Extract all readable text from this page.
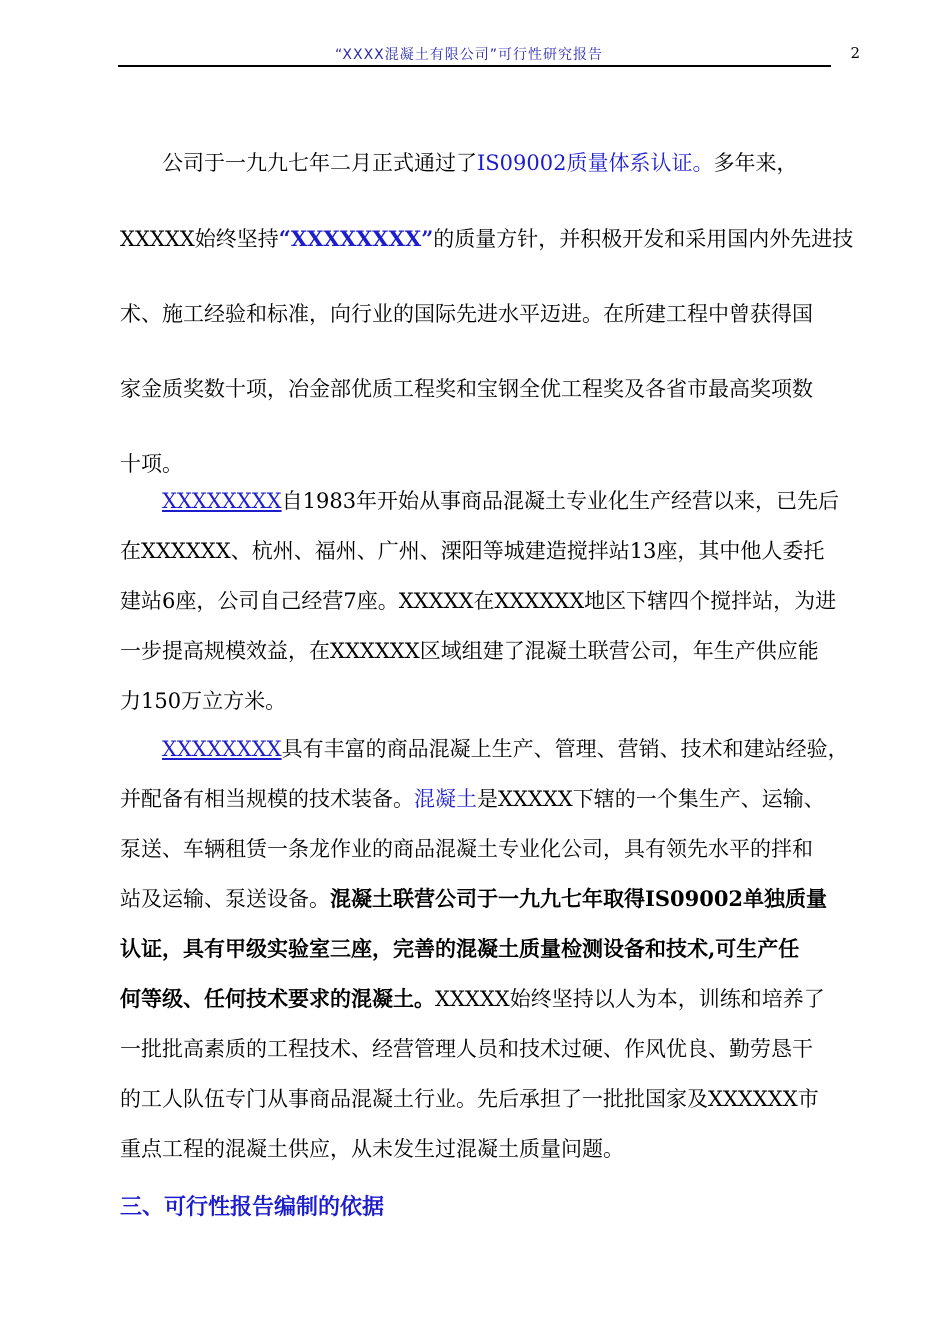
“XXXX混凝土有限公司”可行性研究报告	2
公司于一九九七年二月正式通过了IS09002质量体系认证。多年来，
XXXXX始终坚持“XXXXXXXX”的质量方针，并积极开发和采用国内外先进技
术、施工经验和标准，向行业的国际先进水平迈进。在所建工程中曾获得国
家金质奖数十项，冶金部优质工程奖和宝钢全优工程奖及各省市最高奖项数
十项。
XXXXXXXX自1983年开始从事商品混凝土专业化生产经营以来，已先后
在XXXXXX、杭州、福州、广州、溧阳等城建造搅拌站13座，其中他人委托
建站6座，公司自己经营7座。XXXXX在XXXXXX地区下辖四个搅拌站，为进
一步提高规模效益，在XXXXXX区域组建了混凝土联营公司，年生产供应能
力150万立方米。
XXXXXXXX具有丰富的商品混凝上生产、管理、营销、技术和建站经验，
并配备有相当规模的技术装备。混凝土是XXXXX下辖的一个集生产、运输、
泵送、车辆租赁一条龙作业的商品混凝土专业化公司，具有领先水平的拌和
站及运输、泵送设备。混凝土联营公司于一九九七年取得IS09002单独质量
认证，具有甲级实验室三座，完善的混凝土质量检测设备和技术,可生产任
何等级、任何技术要求的混凝土。XXXXX始终坚持以人为本，训练和培养了
一批批高素质的工程技术、经营管理人员和技术过硬、作风优良、勤劳恳干
的工人队伍专门从事商品混凝土行业。先后承担了一批批国家及XXXXXX市
重点工程的混凝土供应，从未发生过混凝土质量问题。
三、可行性报告编制的依据
